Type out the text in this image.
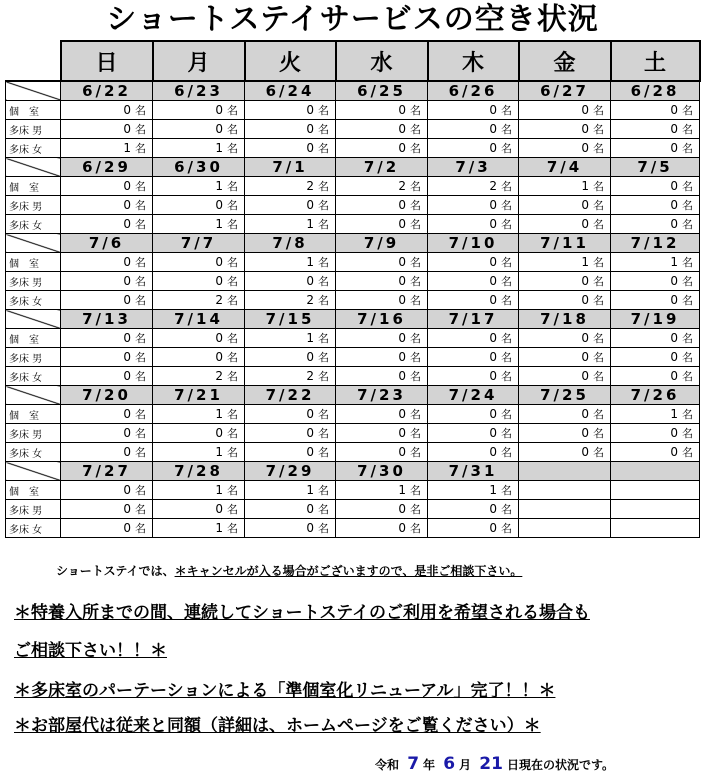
ショートステイサービスの空き状況
	日	月	火	水	木	金	土
	6/22	6/23	6/24	6/25	6/26	6/27	6/28
個　室	0 名	0 名	0 名	0 名	0 名	0 名	0 名
多床 男	0 名	0 名	0 名	0 名	0 名	0 名	0 名
多床 女	1 名	1 名	0 名	0 名	0 名	0 名	0 名
	6/29	6/30	7/1	7/2	7/3	7/4	7/5
個　室	0 名	1 名	2 名	2 名	2 名	1 名	0 名
多床 男	0 名	0 名	0 名	0 名	0 名	0 名	0 名
多床 女	0 名	1 名	1 名	0 名	0 名	0 名	0 名
	7/6	7/7	7/8	7/9	7/10	7/11	7/12
個　室	0 名	0 名	1 名	0 名	0 名	1 名	1 名
多床 男	0 名	0 名	0 名	0 名	0 名	0 名	0 名
多床 女	0 名	2 名	2 名	0 名	0 名	0 名	0 名
	7/13	7/14	7/15	7/16	7/17	7/18	7/19
個　室	0 名	0 名	1 名	0 名	0 名	0 名	0 名
多床 男	0 名	0 名	0 名	0 名	0 名	0 名	0 名
多床 女	0 名	2 名	2 名	0 名	0 名	0 名	0 名
	7/20	7/21	7/22	7/23	7/24	7/25	7/26
個　室	0 名	1 名	0 名	0 名	0 名	0 名	1 名
多床 男	0 名	0 名	0 名	0 名	0 名	0 名	0 名
多床 女	0 名	1 名	0 名	0 名	0 名	0 名	0 名
	7/27	7/28	7/29	7/30	7/31		
個　室	0 名	1 名	1 名	1 名	1 名		
多床 男	0 名	0 名	0 名	0 名	0 名		
多床 女	0 名	1 名	0 名	0 名	0 名		
ショートステイでは、＊キャンセルが入る場合がございますので、是非ご相談下さい。
＊特養入所までの間、連続してショートステイのご利用を希望される場合も
ご相談下さい！！＊
＊多床室のパーテーションによる「準個室化リニューアル」完了！！＊
＊お部屋代は従来と同額（詳細は、ホームページをご覧ください）＊
令和 7 年 6 月 21 日現在の状況です。
